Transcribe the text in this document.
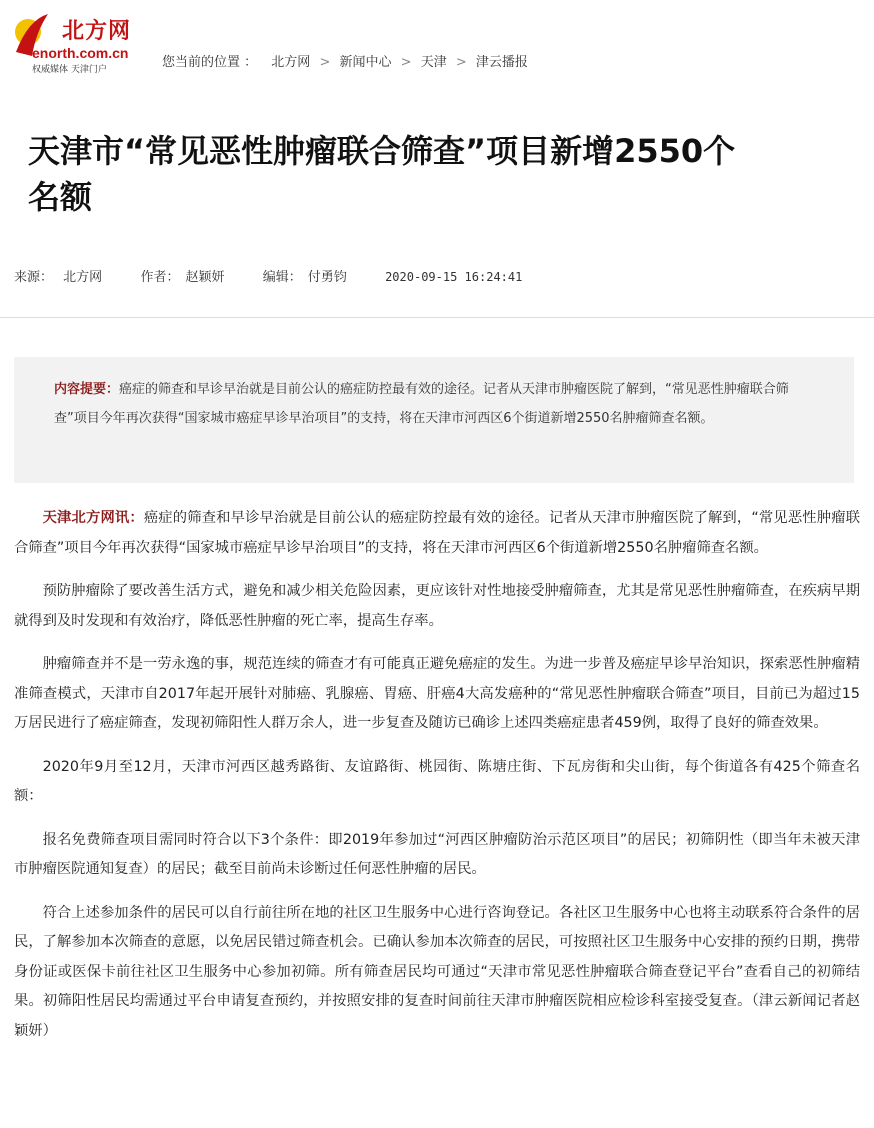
北方网
enorth.com.cn
权威媒体 天津门户	您当前的位置 ： 北方网 > 新闻中心 > 天津 > 津云播报
天津市“常见恶性肿瘤联合筛查”项目新增2550个名额
来源： 北方网	作者： 赵颖妍	编辑： 付勇钧	2020-09-15 16:24:41
内容提要：癌症的筛查和早诊早治就是目前公认的癌症防控最有效的途径。记者从天津市肿瘤医院了解到，“常见恶性肿瘤联合筛查”项目今年再次获得“国家城市癌症早诊早治项目”的支持，将在天津市河西区6个街道新增2550名肿瘤筛查名额。

天津北方网讯：癌症的筛查和早诊早治就是目前公认的癌症防控最有效的途径。记者从天津市肿瘤医院了解到，“常见恶性肿瘤联合筛查”项目今年再次获得“国家城市癌症早诊早治项目”的支持，将在天津市河西区6个街道新增2550名肿瘤筛查名额。

预防肿瘤除了要改善生活方式，避免和减少相关危险因素，更应该针对性地接受肿瘤筛查，尤其是常见恶性肿瘤筛查，在疾病早期就得到及时发现和有效治疗，降低恶性肿瘤的死亡率，提高生存率。

肿瘤筛查并不是一劳永逸的事，规范连续的筛查才有可能真正避免癌症的发生。为进一步普及癌症早诊早治知识，探索恶性肿瘤精准筛查模式，天津市自2017年起开展针对肺癌、乳腺癌、胃癌、肝癌4大高发癌种的“常见恶性肿瘤联合筛查”项目，目前已为超过15万居民进行了癌症筛查，发现初筛阳性人群万余人，进一步复查及随访已确诊上述四类癌症患者459例，取得了良好的筛查效果。

2020年9月至12月，天津市河西区越秀路街、友谊路街、桃园街、陈塘庄街、下瓦房街和尖山街，每个街道各有425个筛查名额：

报名免费筛查项目需同时符合以下3个条件：即2019年参加过“河西区肿瘤防治示范区项目”的居民；初筛阴性（即当年未被天津市肿瘤医院通知复查）的居民；截至目前尚未诊断过任何恶性肿瘤的居民。

符合上述参加条件的居民可以自行前往所在地的社区卫生服务中心进行咨询登记。各社区卫生服务中心也将主动联系符合条件的居民，了解参加本次筛查的意愿，以免居民错过筛查机会。已确认参加本次筛查的居民，可按照社区卫生服务中心安排的预约日期，携带身份证或医保卡前往社区卫生服务中心参加初筛。所有筛查居民均可通过“天津市常见恶性肿瘤联合筛查登记平台”查看自己的初筛结果。初筛阳性居民均需通过平台申请复查预约，并按照安排的复查时间前往天津市肿瘤医院相应检诊科室接受复查。（津云新闻记者赵颖妍）
